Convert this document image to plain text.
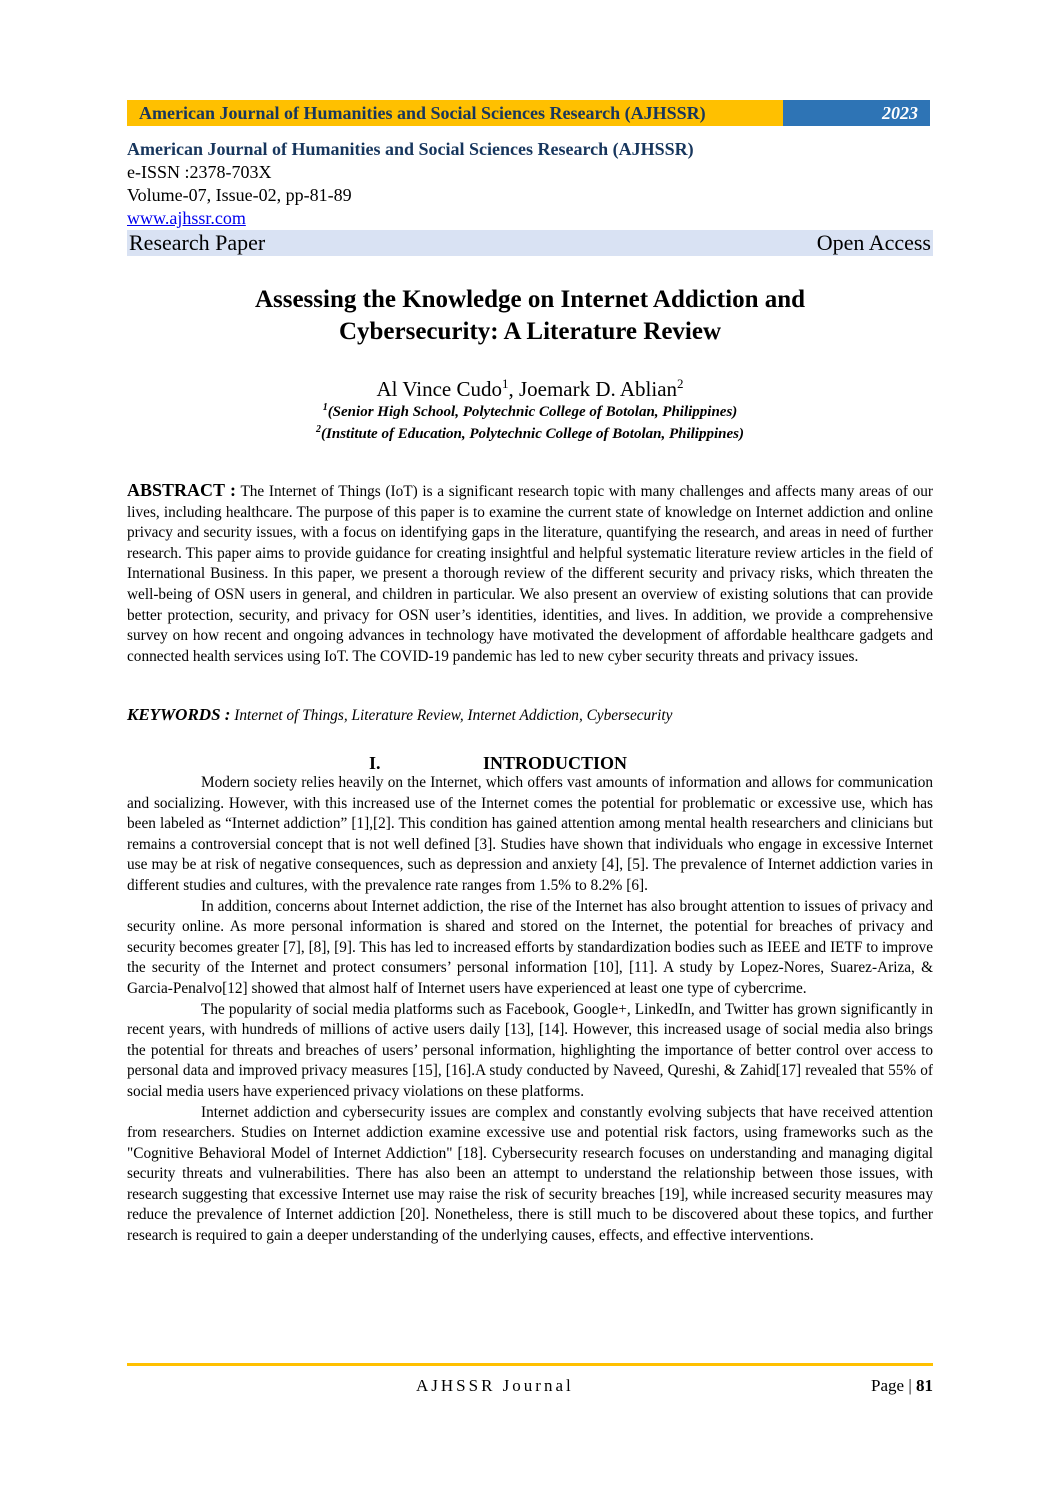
American Journal of Humanities and Social Sciences Research (AJHSSR)	2023
American Journal of Humanities and Social Sciences Research (AJHSSR)
e-ISSN :2378-703X
Volume-07, Issue-02, pp-81-89
www.ajhssr.com
Research Paper	Open Access
Assessing the Knowledge on Internet Addiction and
Cybersecurity: A Literature Review
Al Vince Cudo$^1$, Joemark D. Ablian$^2$
$^1$(Senior High School, Polytechnic College of Botolan, Philippines)
$^2$(Institute of Education, Polytechnic College of Botolan, Philippines)
ABSTRACT : The Internet of Things (IoT) is a significant research topic with many challenges and affects many areas of our lives, including healthcare. The purpose of this paper is to examine the current state of knowledge on Internet addiction and online privacy and security issues, with a focus on identifying gaps in the literature, quantifying the research, and areas in need of further research. This paper aims to provide guidance for creating insightful and helpful systematic literature review articles in the field of International Business. In this paper, we present a thorough review of the different security and privacy risks, which threaten the well-being of OSN users in general, and children in particular. We also present an overview of existing solutions that can provide better protection, security, and privacy for OSN user’s identities, identities, and lives. In addition, we provide a comprehensive survey on how recent and ongoing advances in technology have motivated the development of affordable healthcare gadgets and connected health services using IoT. The COVID-19 pandemic has led to new cyber security threats and privacy issues.
KEYWORDS : Internet of Things, Literature Review, Internet Addiction, Cybersecurity
I.	INTRODUCTION

Modern society relies heavily on the Internet, which offers vast amounts of information and allows for communication and socializing. However, with this increased use of the Internet comes the potential for problematic or excessive use, which has been labeled as “Internet addiction” [1],[2]. This condition has gained attention among mental health researchers and clinicians but remains a controversial concept that is not well defined [3]. Studies have shown that individuals who engage in excessive Internet use may be at risk of negative consequences, such as depression and anxiety [4], [5]. The prevalence of Internet addiction varies in different studies and cultures, with the prevalence rate ranges from 1.5% to 8.2% [6].

In addition, concerns about Internet addiction, the rise of the Internet has also brought attention to issues of privacy and security online. As more personal information is shared and stored on the Internet, the potential for breaches of privacy and security becomes greater [7], [8], [9]. This has led to increased efforts by standardization bodies such as IEEE and IETF to improve the security of the Internet and protect consumers’ personal information [10], [11]. A study by Lopez-Nores, Suarez-Ariza, & Garcia-Penalvo[12] showed that almost half of Internet users have experienced at least one type of cybercrime.

The popularity of social media platforms such as Facebook, Google+, LinkedIn, and Twitter has grown significantly in recent years, with hundreds of millions of active users daily [13], [14]. However, this increased usage of social media also brings the potential for threats and breaches of users’ personal information, highlighting the importance of better control over access to personal data and improved privacy measures [15], [16].A study conducted by Naveed, Qureshi, & Zahid[17] revealed that 55% of social media users have experienced privacy violations on these platforms.

Internet addiction and cybersecurity issues are complex and constantly evolving subjects that have received attention from researchers. Studies on Internet addiction examine excessive use and potential risk factors, using frameworks such as the "Cognitive Behavioral Model of Internet Addiction" [18]. Cybersecurity research focuses on understanding and managing digital security threats and vulnerabilities. There has also been an attempt to understand the relationship between those issues, with research suggesting that excessive Internet use may raise the risk of security breaches [19], while increased security measures may reduce the prevalence of Internet addiction [20]. Nonetheless, there is still much to be discovered about these topics, and further research is required to gain a deeper understanding of the underlying causes, effects, and effective interventions.

AJHSSR Journal	Page | 81
